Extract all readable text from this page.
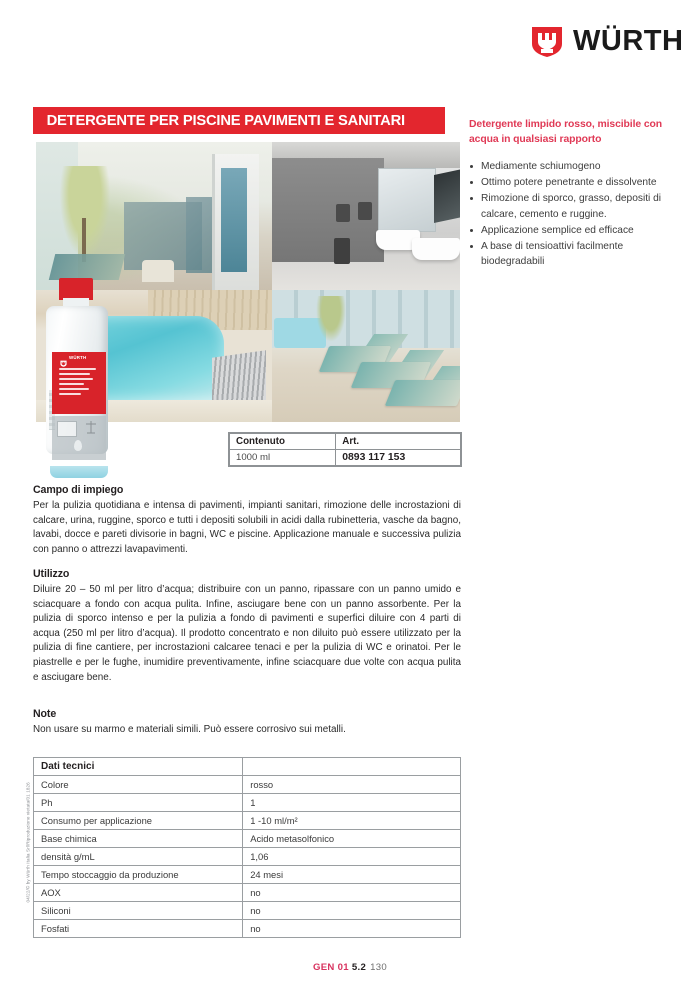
WÜRTH
DETERGENTE PER PISCINE PAVIMENTI E SANITARI	Detergente limpido rosso, miscibile con acqua in qualsiasi rapporto
Mediamente schiumogeno
Ottimo potere penetrante e dissolvente
Rimozione di sporco, grasso, depositi di calcare, cemento e ruggine.
Applicazione semplice ed efficace
A base di tensioattivi facilmente biodegradabili
WÜRTH
Contenuto	Art.
1000 ml	0893 117 153
Campo di impiego

Per la pulizia quotidiana e intensa di pavimenti, impianti sanitari, rimozione delle incrostazioni di calcare, urina, ruggine, sporco e tutti i depositi solubili in acidi dalla rubinetteria, vasche da bagno, lavabi, docce e pareti divisorie in bagni, WC e piscine. Applicazione manuale e successiva pulizia con panno o attrezzi lavapavimenti.

Utilizzo

Diluire 20 – 50 ml per litro d’acqua; distribuire con un panno, ripassare con un panno umido e sciacquare a fondo con acqua pulita. Infine, asciugare bene con un panno assorbente. Per la pulizia di sporco intenso e per la pulizia a fondo di pavimenti e superfici diluire con 4 parti di acqua (250 ml per litro d’acqua). Il prodotto concentrato e non diluito può essere utilizzato per la pulizia di fine cantiere, per incrostazioni calcaree tenaci e per la pulizia di WC e orinatoi. Per le piastrelle e per le fughe, inumidire preventivamente, infine sciacquare due volte con acqua pulita e asciugare bene.

Note

Non usare su marmo e materiali simili. Può essere corrosivo sui metalli.

Dati tecnici	
Colore	rosso
Ph	1
Consumo per applicazione	1 -10 ml/m²
Base chimica	Acido metasolfonico
densità g/mL	1,06
Tempo stoccaggio da produzione	24 mesi
AOX	no
Siliconi	no
Fosfati	no
04/22/© by Würth Italia Srl/Riproduzione vietata/01 1826
GEN 01 5.2 130
